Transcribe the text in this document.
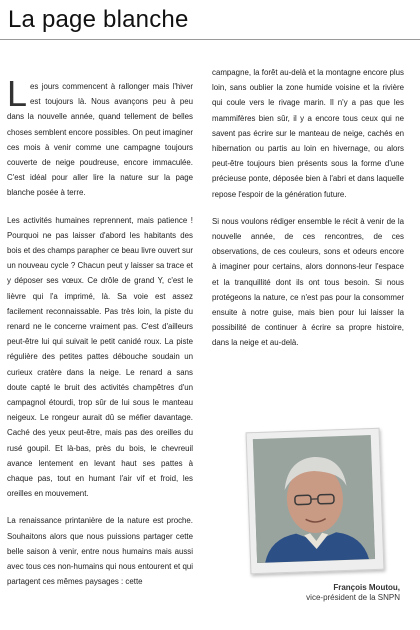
La page blanche

Les jours commencent à rallonger mais l'hiver est toujours là. Nous avançons peu à peu dans la nouvelle année, quand tellement de belles choses semblent encore possibles. On peut imaginer ces mois à venir comme une campagne toujours couverte de neige poudreuse, encore immaculée. C'est idéal pour aller lire la nature sur la page blanche posée à terre.

Les activités humaines reprennent, mais patience ! Pourquoi ne pas laisser d'abord les habitants des bois et des champs parapher ce beau livre ouvert sur un nouveau cycle ? Chacun peut y laisser sa trace et y déposer ses vœux. Ce drôle de grand Y, c'est le lièvre qui l'a imprimé, là. Sa voie est assez facilement reconnaissable. Pas très loin, la piste du renard ne le concerne vraiment pas. C'est d'ailleurs peut-être lui qui suivait le petit canidé roux. La piste régulière des petites pattes débouche soudain un curieux cratère dans la neige. Le renard a sans doute capté le bruit des activités champêtres d'un campagnol étourdi, trop sûr de lui sous le manteau neigeux. Le rongeur aurait dû se méfier davantage. Caché des yeux peut-être, mais pas des oreilles du rusé goupil. Et là-bas, près du bois, le chevreuil avance lentement en levant haut ses pattes à chaque pas, tout en humant l'air vif et froid, les oreilles en mouvement.

La renaissance printanière de la nature est proche. Souhaitons alors que nous puissions partager cette belle saison à venir, entre nous humains mais aussi avec tous ces non-humains qui nous entourent et qui partagent ces mêmes paysages : cette

campagne, la forêt au-delà et la montagne encore plus loin, sans oublier la zone humide voisine et la rivière qui coule vers le rivage marin. Il n'y a pas que les mammifères bien sûr, il y a encore tous ceux qui ne savent pas écrire sur le manteau de neige, cachés en hibernation ou partis au loin en hivernage, ou alors peut-être toujours bien présents sous la forme d'une précieuse ponte, déposée bien à l'abri et dans laquelle repose l'espoir de la génération future.

Si nous voulons rédiger ensemble le récit à venir de la nouvelle année, de ces rencontres, de ces observations, de ces couleurs, sons et odeurs encore à imaginer pour certains, alors donnons-leur l'espace et la tranquillité dont ils ont tous besoin. Si nous protégeons la nature, ce n'est pas pour la consommer ensuite à notre guise, mais bien pour lui laisser la possibilité de continuer à écrire sa propre histoire, dans la neige et au-delà.

François Moutou,
vice-président de la SNPN
